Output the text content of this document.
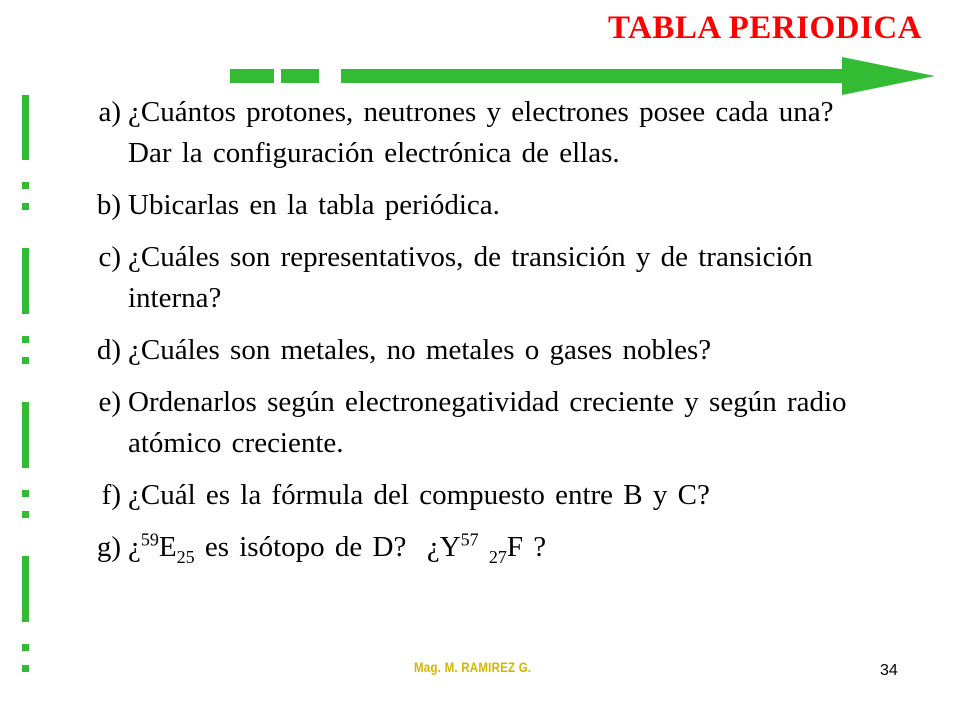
TABLA PERIODICA
a) ¿Cuántos protones, neutrones y electrones posee cada una? Dar la configuración electrónica de ellas.
b) Ubicarlas en la tabla periódica.
c) ¿Cuáles son representativos, de transición y de transición interna?
d) ¿Cuáles son metales, no metales o gases nobles?
e) Ordenarlos según electronegatividad creciente y según radio atómico creciente.
f) ¿Cuál es la fórmula del compuesto entre B y C?
g) ¿$^{59}E_{25}$ es isótopo de D?  ¿$Y^{57}$ $_{27}$F ?
Mag. M. RAMIREZ G.	34
